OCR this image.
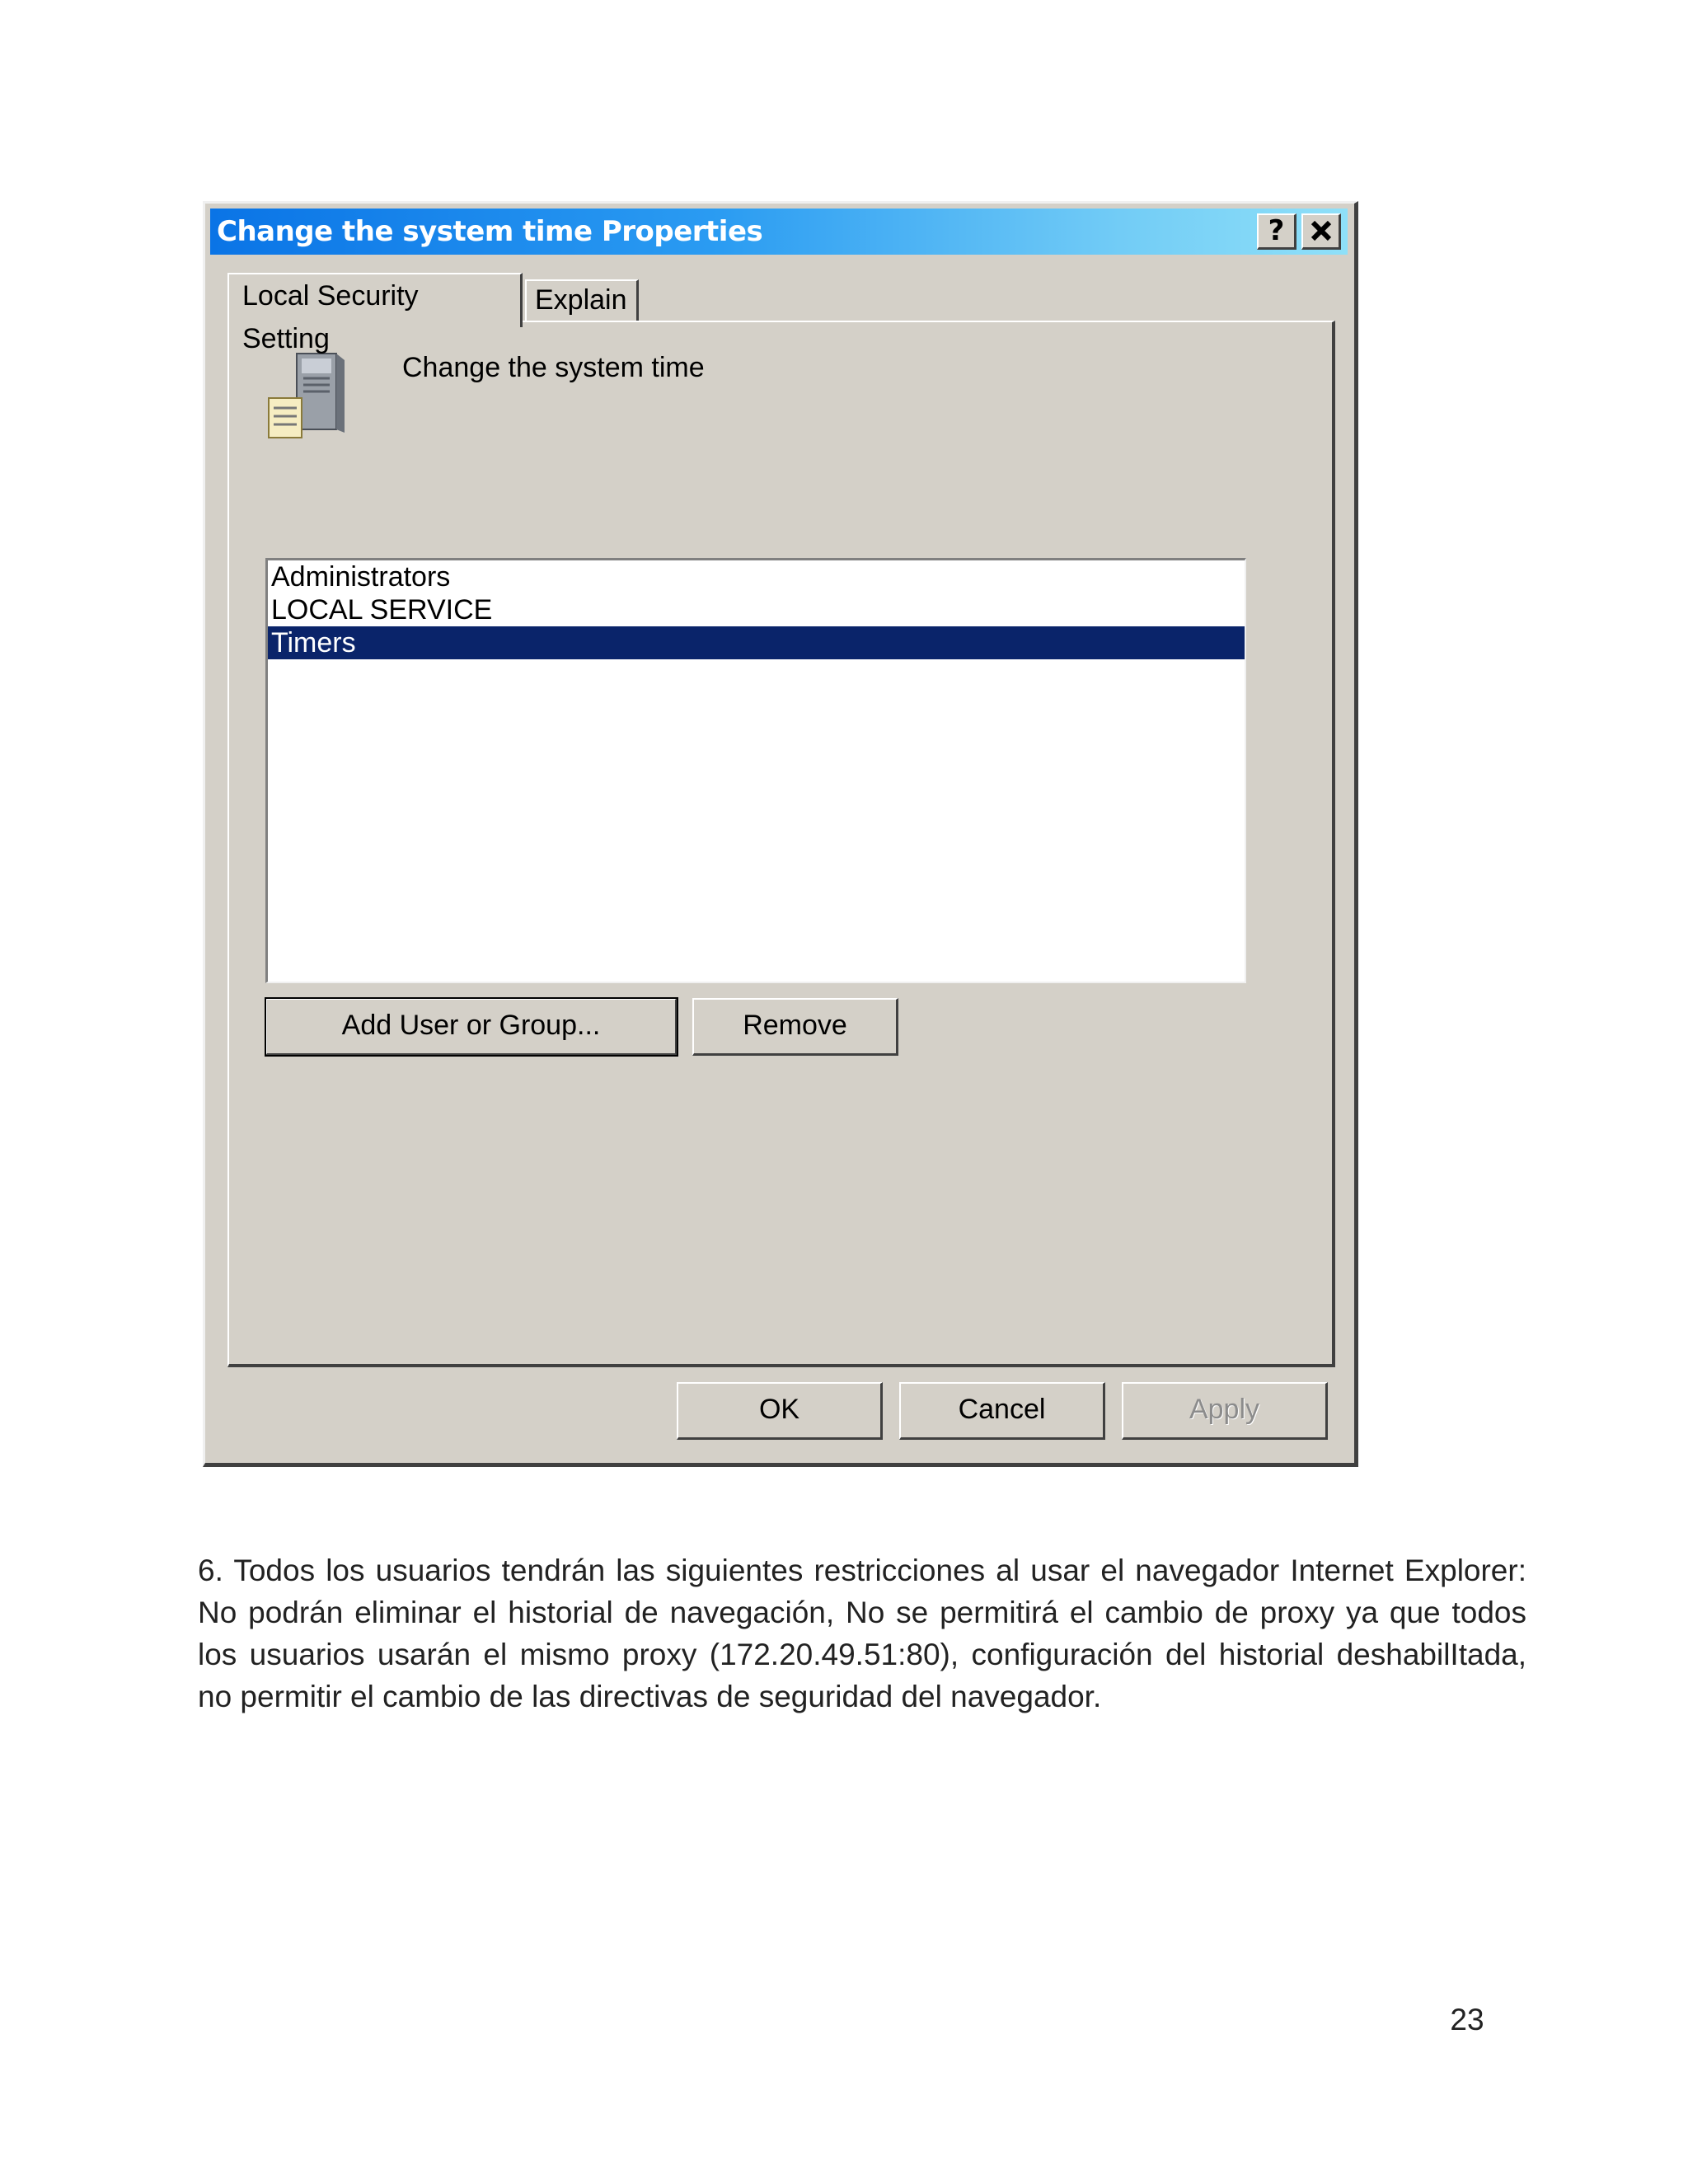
Change the system time Properties	?
Local Security Setting
Explain
Change the system time
Administrators
LOCAL SERVICE
Timers
Add User or Group...	Remove
OK	Cancel	Apply

6. Todos los usuarios tendrán las siguientes restricciones al usar el navegador Internet Explorer: No podrán eliminar el historial de navegación, No se permitirá el cambio de proxy ya que todos los usuarios usarán el mismo proxy (172.20.49.51:80), configuración del historial deshabilItada, no permitir el cambio de las directivas de seguridad del navegador.

23
